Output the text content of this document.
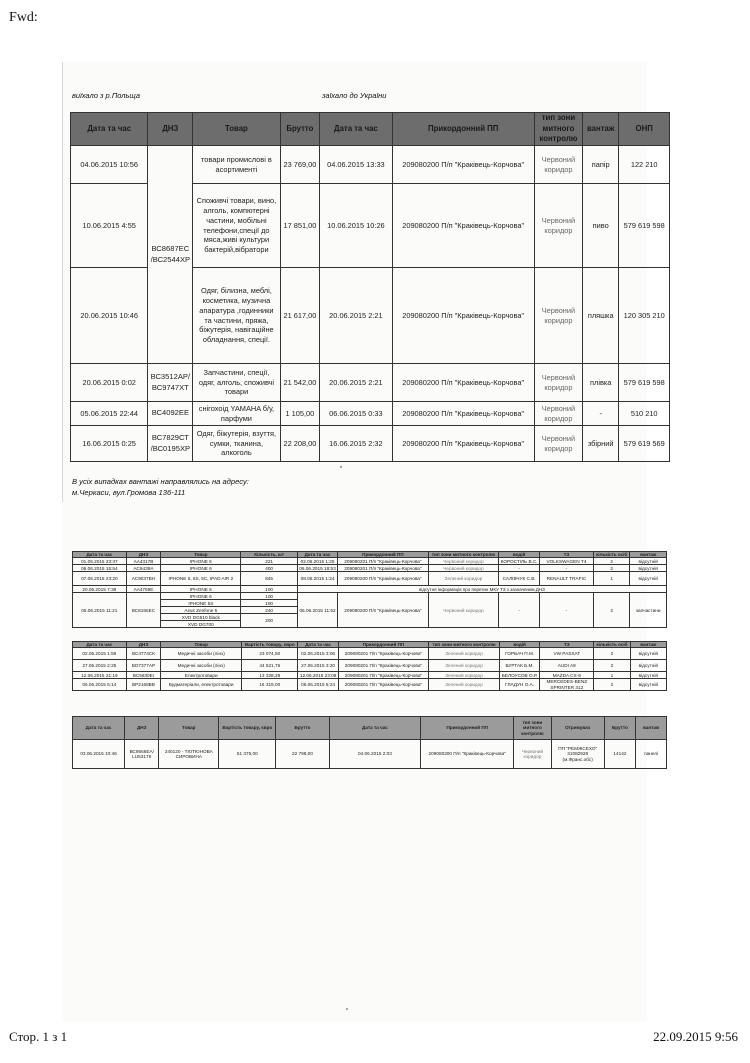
Fwd:
виїхало з р.Польща	заїхало до України
Дата та час	ДНЗ	Товар	Брутто	Дата та час	Прикордонний ПП	тип зони митного контролю	вантаж	ОНП
04.06.2015 10:56	ВС8687ЕС /ВС2544ХР	товари промислові в асортименті	23 769,00	04.06.2015 13:33	209080200 П/п "Краківець-Корчова"	Червоний коридор	папір	122 210
10.06.2015 4:55		Споживчі товари, вино, алголь, компютерні частини, мобільні телефони,спеції до мяса,живі культури бактерій,вібратори	17 851,00	10.06.2015 10:26	209080200 П/п "Краківець-Корчова"	Червоний коридор	пиво	579 619 598
20.06.2015 10:46		Одяг, білизна, меблі, косметика, музична апаратура ,годинники та частини, пряжа, біжутерія, навігаційне обладнання, спеції.	21 617,00	20.06.2015 2:21	209080200 П/п "Краківець-Корчова"	Червоний коридор	пляшка	120 305 210
20.06.2015 0:02	ВС3512АР/ ВС9747ХТ	Запчастини, спеції, одяг, алголь, споживчі товари	21 542,00	20.06.2015 2:21	209080200 П/п "Краківець-Корчова"	Червоний коридор	плівка	579 619 598
05.06.2015 22:44	ВС4092ЕЕ	снігохоід YAMAHA б/у, парфуми	1 105,00	06.06.2015 0:33	209080200 П/п "Краківець-Корчова"	Червоний коридор	-	510 210
16.06.2015 0:25	ВС7829СТ /ВС0195ХР	Одяг, біжутерія, взуття, сумки, тканина, алкоголь	22 208,00	16.06.2015 2:32	209080200 П/п "Краківець-Корчова"	Червоний коридор	збірний	579 619 569
В усіх випадках вантажі направлялись на адресу:
м.Черкаси, вул.Громова 136-111
Дата та час	ДНЗ	Товар	Кількість, шт	Дата та час	Прикордонний ПП	тип зони митного контролю	водій	ТЗ	кількість осіб	вантаж
01.06.2015 23:37	АА4317В	IPHONE 6	221	02.06.2015 1:25	209080201 П/п "Краківець-Корчова"	Червоний коридор	КОРОСТІЛЬ В.С.	VOLKSWAGEN T4	2	відсутній
06.06.2015 15:54	АС6439А	IPHONE 6	400	06.06.2015 18:53	209080201 П/п "Краківець-Корчова"	Червоний коридор	-	-	2	відсутній
07.06.2015 23:20	АС9037ВН	IPHONE 6, 6S, 5C, IPAD AIR 2	845	08.06.2015 1:24	209080200 П/п "Краківець-Корчова"	Зелений коридор	САЛІВЧУК С.В.	RENAULT TRAFIC	1	відсутній
20.06.2015 7:38	АА4769Е	IPHONE 6	100	відсутня інформація про перетин МКУ ТЗ з зазначеним ДНЗ						
05.06.2015 11:21	ВС8156ЕС	IPHONE 6	100	06.06.2015 11:52	209080200 П/п "Краківець-Корчова"	Червоний коридор	-	-	2	запчастини
		IPHONE 5S	100							
		Asus Zenfone 5	240							
		XVD DG510 black	200							
		XVD DG700								
Дата та час	ДНЗ	Товар	Вартість товару, євро	Дата та час	Прикордонний ПП	тип зони митного контролю	водій	ТЗ	кількість осіб	вантаж
02.06.2015 1:59	ВС4774СК	Медичні засоби (лінз)	23 074,50	02.06.2015 3:06	209080201 П/п "Краківець-Корчова"	Зелений коридор	ГОРБАЧ П.М.	VW PASSAT	2	відсутній
27.06.2015 2:25	ВО7377АР	Медичні засоби (лінз)	44 521,76	27.06.2015 3:20	209080201 П/п "Краківець-Корчова"	Зелений коридор	БУРТАК Б.М.	AUDI A8	2	відсутній
12.06.2015 21:19	ВС5630ЕІ	Електротовари	13 328,29	12.06.2015 23:08	209080201 П/п "Краківець-Корчова"	Зелений коридор	БЕЛОУСОВ О.Р.	MAZDA CX-9	1	відсутній
06.06.2015 5:14	ВР2168ВВ	Будматеріали, електротовари	16 319,00	06.06.2015 6:24	209080201 П/п "Краківець-Корчова"	Зелений коридор	ГЛАДУН О.А.	MERCEDES-BENZ SPRINTER 312	2	відсутній
Дата та час	ДНЗ	Товар	Вартість товару, євро	Брутто	Дата та час	Прикордонний ПП	тип зони митного контролю	Отримувач	Брутто	вантаж
03.06.2015 10:46	ВС9566ЕА/ LU5317К	240120 - ТЮТЮНОВА СИРОВИНА	51 375,00	22 798,00	04.06.2015 2:03	209080200 П/п "Краківець-Корчова"	Червоний коридор	ПП "РЕМЖСЕХО" 31082928 (м.Франс.обс)	14142	панелі
Стор. 1 з 1	22.09.2015 9:56
